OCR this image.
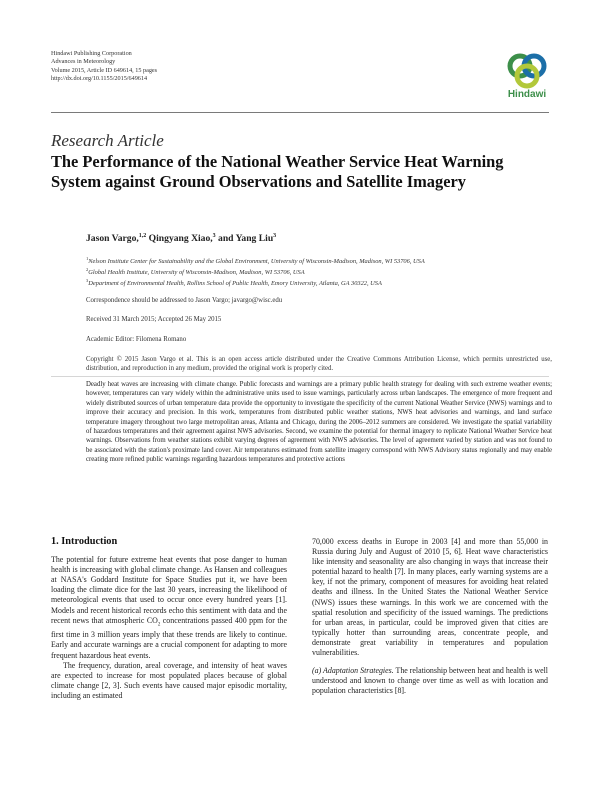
Hindawi Publishing Corporation
Advances in Meteorology
Volume 2015, Article ID 649614, 15 pages
http://dx.doi.org/10.1155/2015/649614
Hindawi
Research Article
The Performance of the National Weather Service Heat Warning System against Ground Observations and Satellite Imagery
Jason Vargo,$^{1,2}$ Qingyang Xiao,$^3$ and Yang Liu$^3$
$^1$Nelson Institute Center for Sustainability and the Global Environment, University of Wisconsin-Madison, Madison, WI 53706, USA
$^2$Global Health Institute, University of Wisconsin-Madison, Madison, WI 53706, USA
$^3$Department of Environmental Health, Rollins School of Public Health, Emory University, Atlanta, GA 30322, USA
Correspondence should be addressed to Jason Vargo; javargo@wisc.edu
Received 31 March 2015; Accepted 26 May 2015
Academic Editor: Filomena Romano
Copyright © 2015 Jason Vargo et al. This is an open access article distributed under the Creative Commons Attribution License, which permits unrestricted use, distribution, and reproduction in any medium, provided the original work is properly cited.
Deadly heat waves are increasing with climate change. Public forecasts and warnings are a primary public health strategy for dealing with such extreme weather events; however, temperatures can vary widely within the administrative units used to issue warnings, particularly across urban landscapes. The emergence of more frequent and widely distributed sources of urban temperature data provide the opportunity to investigate the specificity of the current National Weather Service (NWS) warnings and to improve their accuracy and precision. In this work, temperatures from distributed public weather stations, NWS heat advisories and warnings, and land surface temperature imagery throughout two large metropolitan areas, Atlanta and Chicago, during the 2006–2012 summers are considered. We investigate the spatial variability of hazardous temperatures and their agreement against NWS advisories. Second, we examine the potential for thermal imagery to replicate National Weather Service heat warnings. Observations from weather stations exhibit varying degrees of agreement with NWS advisories. The level of agreement varied by station and was not found to be associated with the station's proximate land cover. Air temperatures estimated from satellite imagery correspond with NWS Advisory status regionally and may enable creating more refined public warnings regarding hazardous temperatures and protective actions
1. Introduction

The potential for future extreme heat events that pose danger to human health is increasing with global climate change. As Hansen and colleagues at NASA's Goddard Institute for Space Studies put it, we have been loading the climate dice for the last 30 years, increasing the likelihood of meteorological events that used to occur once every hundred years [1]. Models and recent historical records echo this sentiment with data and the recent news that atmospheric $CO_2$ concentrations passed 400 ppm for the first time in 3 million years imply that these trends are likely to continue. Early and accurate warnings are a crucial component for adapting to more frequent hazardous heat events.

The frequency, duration, areal coverage, and intensity of heat waves are expected to increase for most populated places because of global climate change [2, 3]. Such events have caused major episodic mortality, including an estimated

70,000 excess deaths in Europe in 2003 [4] and more than 55,000 in Russia during July and August of 2010 [5, 6]. Heat wave characteristics like intensity and seasonality are also changing in ways that increase their potential hazard to health [7]. In many places, early warning systems are a key, if not the primary, component of measures for avoiding heat related deaths and illness. In the United States the National Weather Service (NWS) issues these warnings. In this work we are concerned with the spatial resolution and specificity of the issued warnings. The predictions for urban areas, in particular, could be improved given that cities are typically hotter than surrounding areas, concentrate people, and demonstrate great variability in temperatures and population vulnerabilities.

(a) Adaptation Strategies. The relationship between heat and health is well understood and known to change over time as well as with location and population characteristics [8].
